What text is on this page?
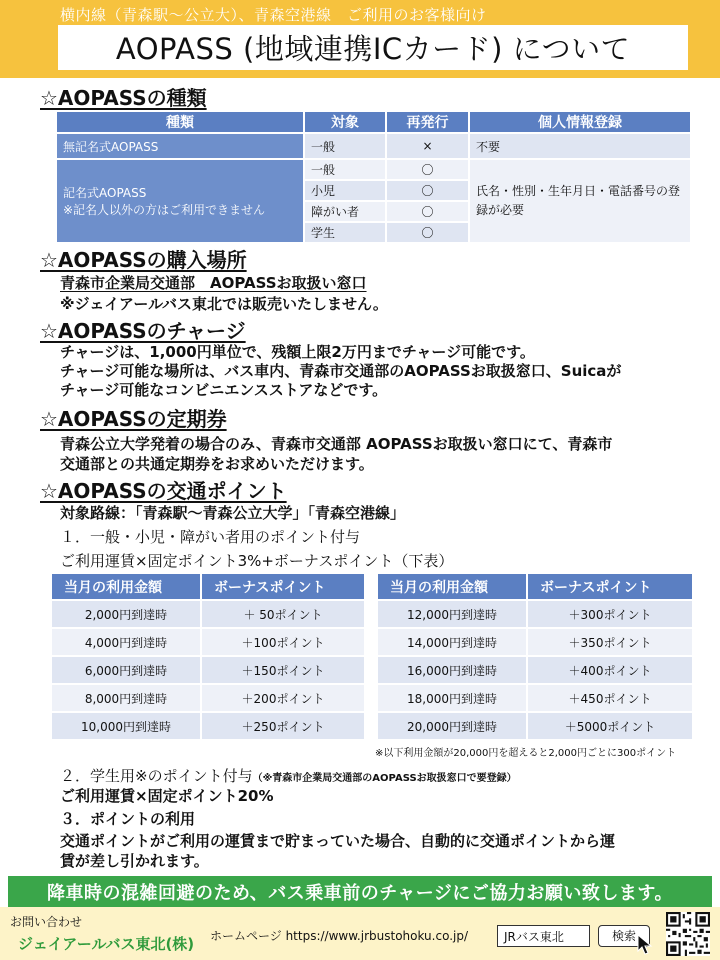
横内線（青森駅〜公立大）、青森空港線　ご利用のお客様向け
AOPASS (地域連携ICカード) について
☆AOPASSの種類
種類	対象	再発行	個人情報登録
無記名式AOPASS	一般	×	不要

記名式AOPASS
※記名人以外の方はご利用できません	一般	〇	氏名・性別・生年月日・電話番号の登録が必要
	小児	〇	
	障がい者	〇	
	学生	〇	
☆AOPASSの購入場所
青森市企業局交通部　AOPASSお取扱い窓口
※ジェイアールバス東北では販売いたしません。
☆AOPASSのチャージ
チャージは、1,000円単位で、残額上限2万円までチャージ可能です。
チャージ可能な場所は、バス車内、青森市交通部のAOPASSお取扱窓口、Suicaが
チャージ可能なコンビニエンスストアなどです。
☆AOPASSの定期券
青森公立大学発着の場合のみ、青森市交通部 AOPASSお取扱い窓口にて、青森市
交通部との共通定期券をお求めいただけます。
☆AOPASSの交通ポイント
対象路線：「青森駅〜青森公立大学」「青森空港線」
１．一般・小児・障がい者用のポイント付与
ご利用運賃×固定ポイント3%+ボーナスポイント（下表）
当月の利用金額	ボーナスポイント
2,000円到達時	＋ 50ポイント
4,000円到達時	＋100ポイント
6,000円到達時	＋150ポイント
8,000円到達時	＋200ポイント
10,000円到達時	＋250ポイント
当月の利用金額	ボーナスポイント
12,000円到達時	＋300ポイント
14,000円到達時	＋350ポイント
16,000円到達時	＋400ポイント
18,000円到達時	＋450ポイント
20,000円到達時	＋5000ポイント
※以下利用金額が20,000円を超えると2,000円ごとに300ポイント
２．学生用※のポイント付与（※青森市企業局交通部のAOPASSお取扱窓口で要登録）
ご利用運賃×固定ポイント20%
３．ポイントの利用
交通ポイントがご利用の運賃まで貯まっていた場合、自動的に交通ポイントから運
賃が差し引かれます。
降車時の混雑回避のため、バス乗車前のチャージにご協力お願い致します。
お問い合わせ
ジェイアールバス東北(株) ホームページ https://www.jrbustohoku.co.jp/	JRバス東北	検索
